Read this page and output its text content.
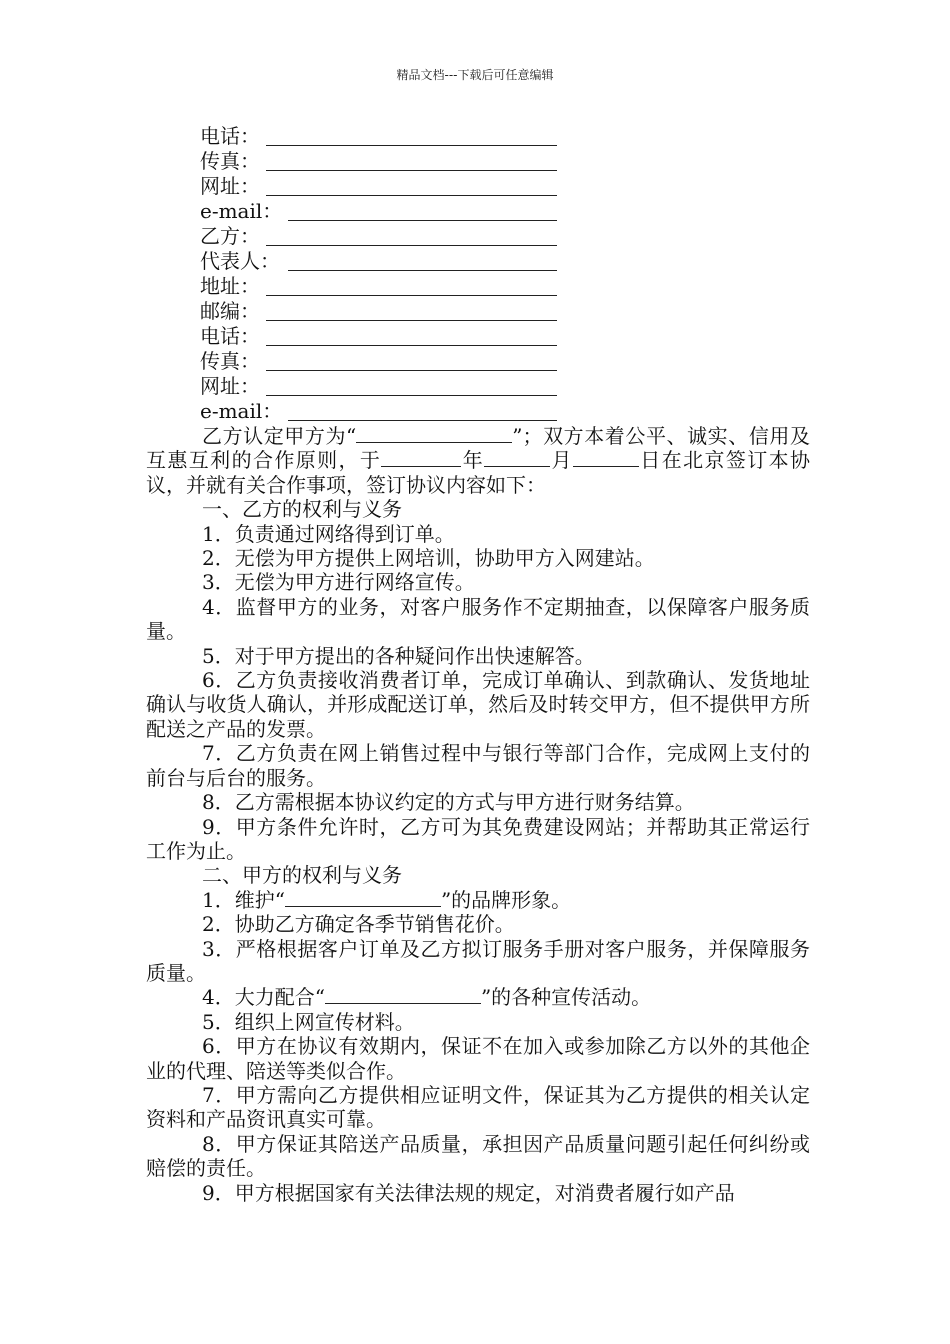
精品文档---下载后可任意编辑
电话：
传真：
网址：
e-mail：
乙方：
代表人：
地址：
邮编：
电话：
传真：
网址：
e-mail：

乙方认定甲方为“	”；双方本着公平、诚实、信用及互惠互利的合作原则，于	年	月	日在北京签订本协议，并就有关合作事项，签订协议内容如下：

一、乙方的权利与义务

1．负责通过网络得到订单。

2．无偿为甲方提供上网培训，协助甲方入网建站。

3．无偿为甲方进行网络宣传。

4．监督甲方的业务，对客户服务作不定期抽查，以保障客户服务质量。

5．对于甲方提出的各种疑问作出快速解答。

6．乙方负责接收消费者订单，完成订单确认、到款确认、发货地址确认与收货人确认，并形成配送订单，然后及时转交甲方，但不提供甲方所配送之产品的发票。

7．乙方负责在网上销售过程中与银行等部门合作，完成网上支付的前台与后台的服务。

8．乙方需根据本协议约定的方式与甲方进行财务结算。

9．甲方条件允许时，乙方可为其免费建设网站；并帮助其正常运行工作为止。

二、甲方的权利与义务

1．维护“	”的品牌形象。

2．协助乙方确定各季节销售花价。

3．严格根据客户订单及乙方拟订服务手册对客户服务，并保障服务质量。

4．大力配合“	”的各种宣传活动。

5．组织上网宣传材料。

6．甲方在协议有效期内，保证不在加入或参加除乙方以外的其他企业的代理、陪送等类似合作。

7．甲方需向乙方提供相应证明文件，保证其为乙方提供的相关认定资料和产品资讯真实可靠。

8．甲方保证其陪送产品质量，承担因产品质量问题引起任何纠纷或赔偿的责任。

9．甲方根据国家有关法律法规的规定，对消费者履行如产品
